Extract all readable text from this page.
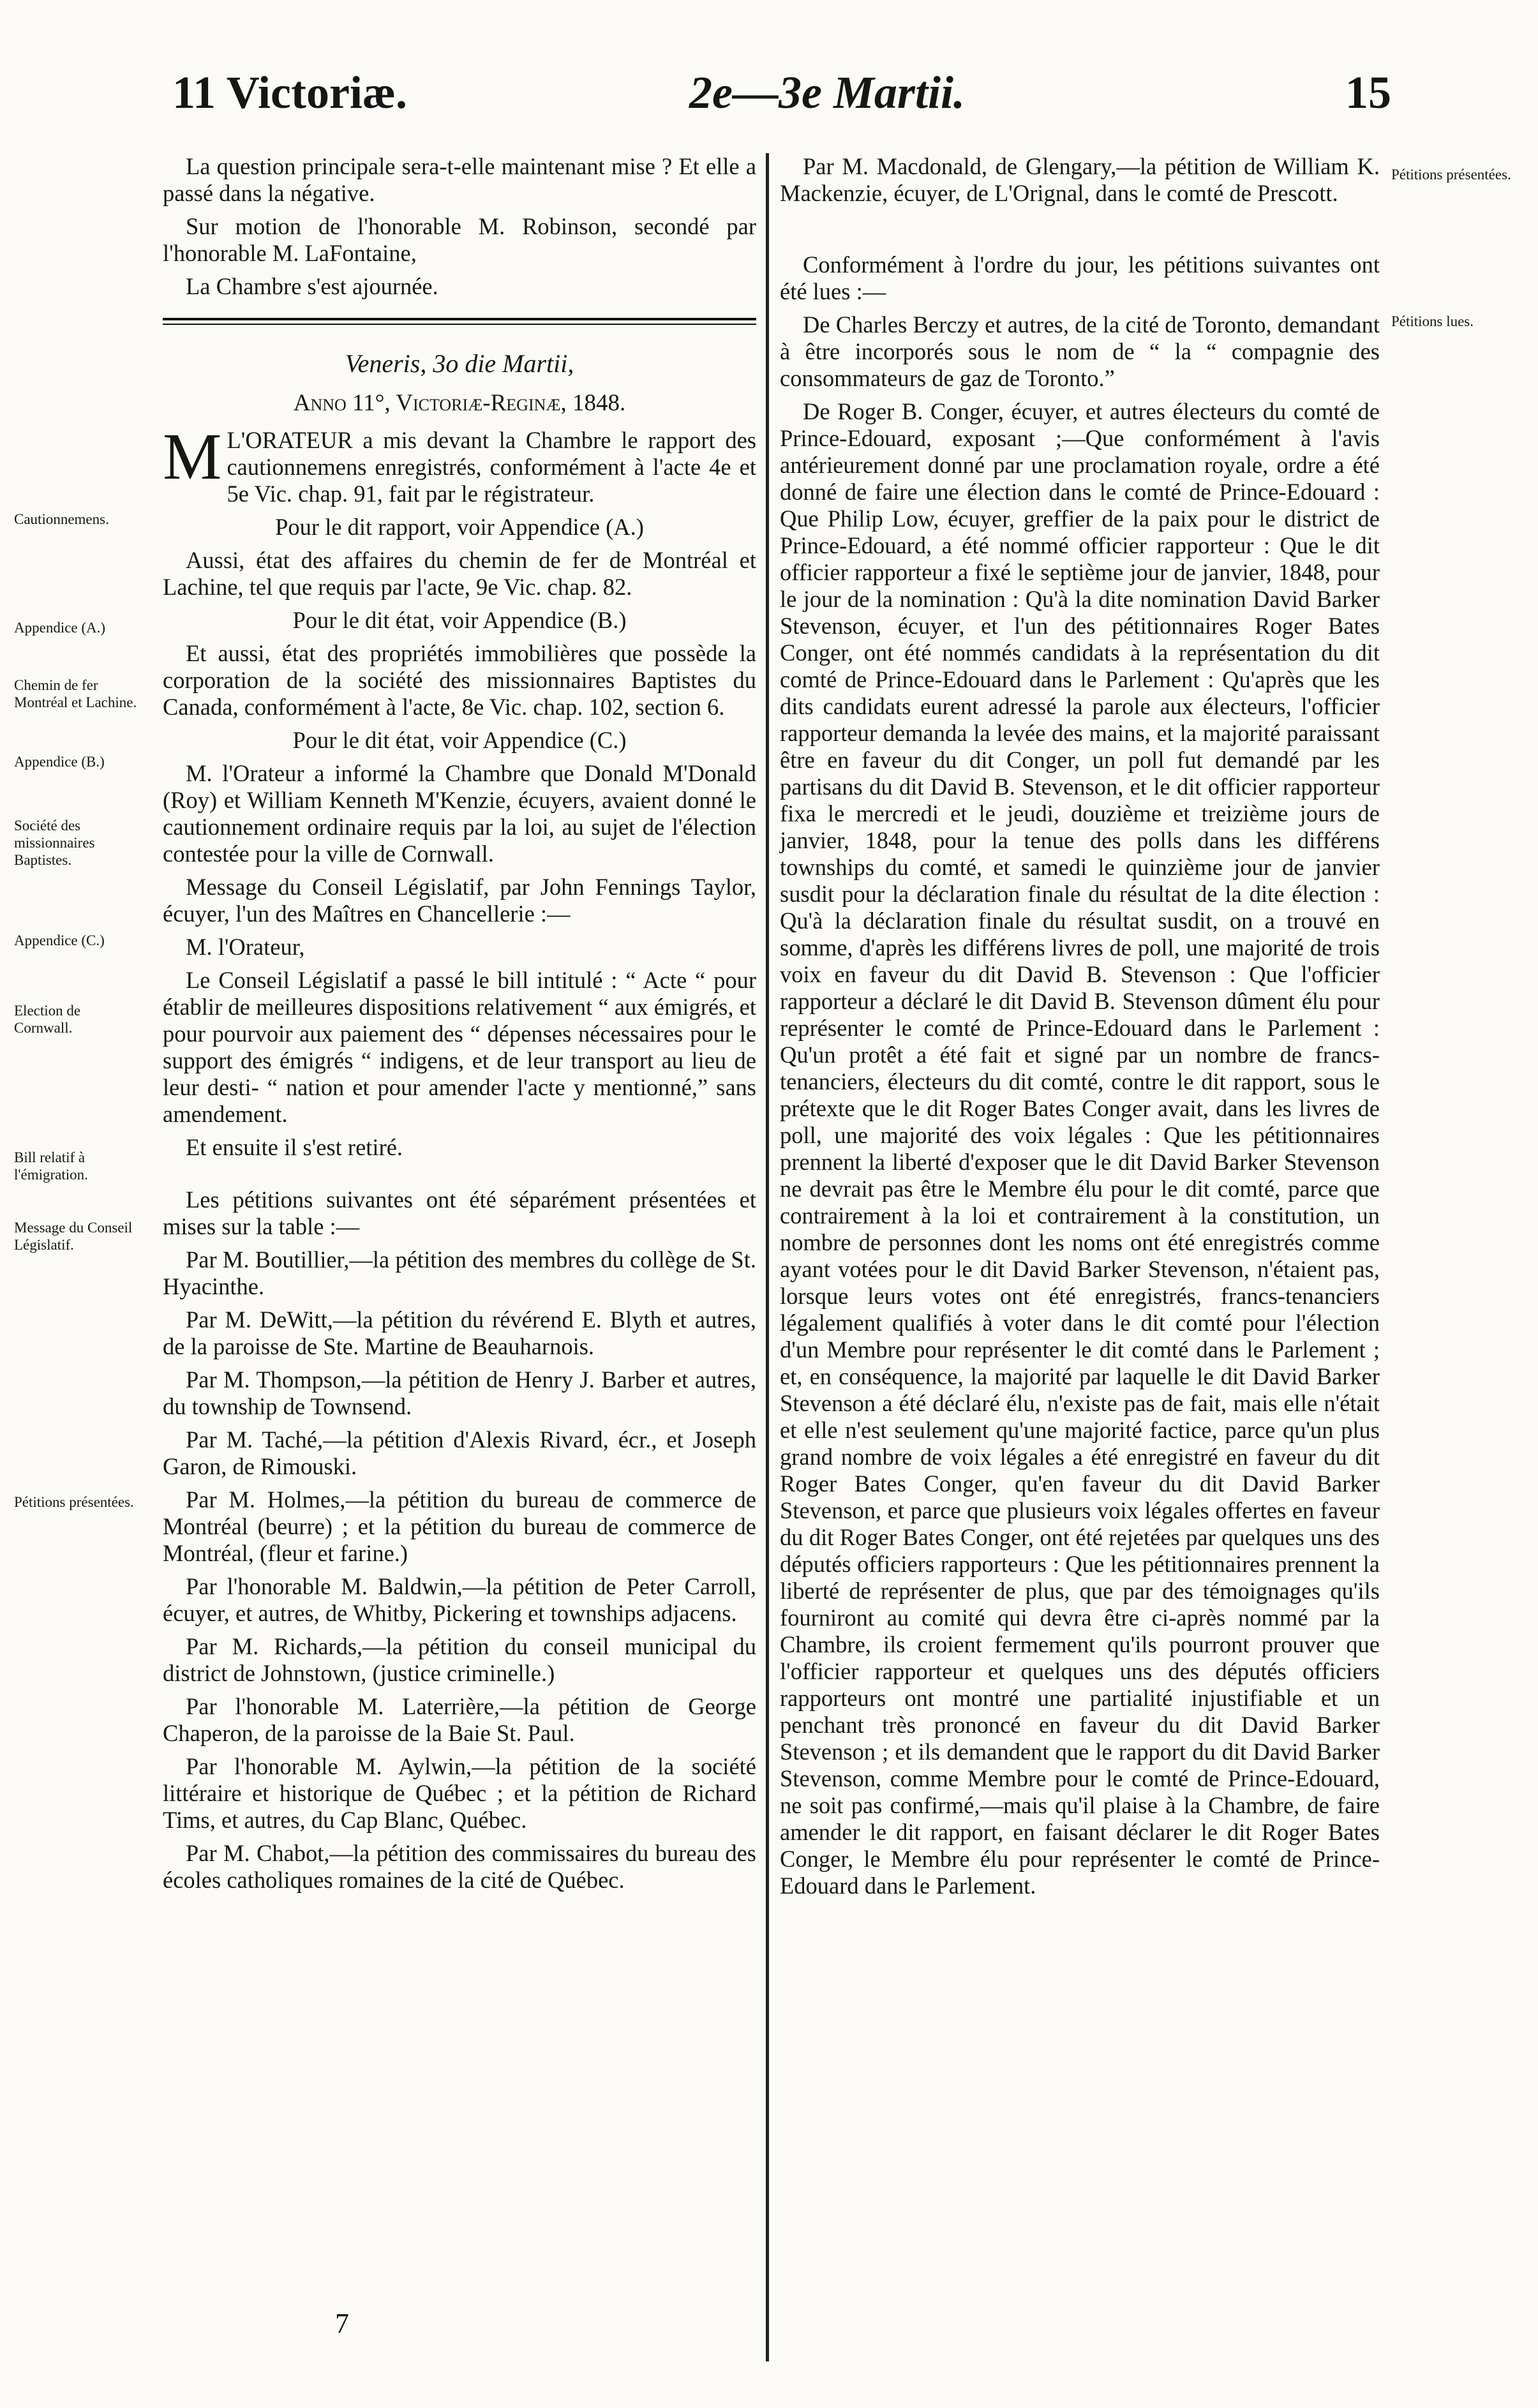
11 Victoriæ.	2e—3e Martii.	15

La question principale sera-t-elle maintenant mise ? Et elle a passé dans la négative.

Sur motion de l'honorable M. Robinson, secondé par l'honorable M. LaFontaine,

La Chambre s'est ajournée.

Veneris, 3o die Martii,
Anno 11°, Victoriæ-Reginæ, 1848.

M L'ORATEUR a mis devant la Chambre le rapport des cautionnemens enregistrés, conformément à l'acte 4e et 5e Vic. chap. 91, fait par le régistrateur.

Pour le dit rapport, voir Appendice (A.)

Aussi, état des affaires du chemin de fer de Montréal et Lachine, tel que requis par l'acte, 9e Vic. chap. 82.

Pour le dit état, voir Appendice (B.)

Et aussi, état des propriétés immobilières que possède la corporation de la société des missionnaires Baptistes du Canada, conformément à l'acte, 8e Vic. chap. 102, section 6.

Pour le dit état, voir Appendice (C.)

M. l'Orateur a informé la Chambre que Donald M'Donald (Roy) et William Kenneth M'Kenzie, écuyers, avaient donné le cautionnement ordinaire requis par la loi, au sujet de l'élection contestée pour la ville de Cornwall.

Message du Conseil Législatif, par John Fennings Taylor, écuyer, l'un des Maîtres en Chancellerie :—

M. l'Orateur,

Le Conseil Législatif a passé le bill intitulé : “ Acte “ pour établir de meilleures dispositions relativement “ aux émigrés, et pour pourvoir aux paiement des “ dépenses nécessaires pour le support des émigrés “ indigens, et de leur transport au lieu de leur desti- “ nation et pour amender l'acte y mentionné,” sans amendement.

Et ensuite il s'est retiré.

Les pétitions suivantes ont été séparément présentées et mises sur la table :—

Par M. Boutillier,—la pétition des membres du collège de St. Hyacinthe.

Par M. DeWitt,—la pétition du révérend E. Blyth et autres, de la paroisse de Ste. Martine de Beauharnois.

Par M. Thompson,—la pétition de Henry J. Barber et autres, du township de Townsend.

Par M. Taché,—la pétition d'Alexis Rivard, écr., et Joseph Garon, de Rimouski.

Par M. Holmes,—la pétition du bureau de commerce de Montréal (beurre) ; et la pétition du bureau de commerce de Montréal, (fleur et farine.)

Par l'honorable M. Baldwin,—la pétition de Peter Carroll, écuyer, et autres, de Whitby, Pickering et townships adjacens.

Par M. Richards,—la pétition du conseil municipal du district de Johnstown, (justice criminelle.)

Par l'honorable M. Laterrière,—la pétition de George Chaperon, de la paroisse de la Baie St. Paul.

Par l'honorable M. Aylwin,—la pétition de la société littéraire et historique de Québec ; et la pétition de Richard Tims, et autres, du Cap Blanc, Québec.

Par M. Chabot,—la pétition des commissaires du bureau des écoles catholiques romaines de la cité de Québec.

Par M. Macdonald, de Glengary,—la pétition de William K. Mackenzie, écuyer, de L'Orignal, dans le comté de Prescott.

Conformément à l'ordre du jour, les pétitions suivantes ont été lues :—

De Charles Berczy et autres, de la cité de Toronto, demandant à être incorporés sous le nom de “ la “ compagnie des consommateurs de gaz de Toronto.”

De Roger B. Conger, écuyer, et autres électeurs du comté de Prince-Edouard, exposant ;—Que conformément à l'avis antérieurement donné par une proclamation royale, ordre a été donné de faire une élection dans le comté de Prince-Edouard : Que Philip Low, écuyer, greffier de la paix pour le district de Prince-Edouard, a été nommé officier rapporteur : Que le dit officier rapporteur a fixé le septième jour de janvier, 1848, pour le jour de la nomination : Qu'à la dite nomination David Barker Stevenson, écuyer, et l'un des pétitionnaires Roger Bates Conger, ont été nommés candidats à la représentation du dit comté de Prince-Edouard dans le Parlement : Qu'après que les dits candidats eurent adressé la parole aux électeurs, l'officier rapporteur demanda la levée des mains, et la majorité paraissant être en faveur du dit Conger, un poll fut demandé par les partisans du dit David B. Stevenson, et le dit officier rapporteur fixa le mercredi et le jeudi, douzième et treizième jours de janvier, 1848, pour la tenue des polls dans les différens townships du comté, et samedi le quinzième jour de janvier susdit pour la déclaration finale du résultat de la dite élection : Qu'à la déclaration finale du résultat susdit, on a trouvé en somme, d'après les différens livres de poll, une majorité de trois voix en faveur du dit David B. Stevenson : Que l'officier rapporteur a déclaré le dit David B. Stevenson dûment élu pour représenter le comté de Prince-Edouard dans le Parlement : Qu'un protêt a été fait et signé par un nombre de francs-tenanciers, électeurs du dit comté, contre le dit rapport, sous le prétexte que le dit Roger Bates Conger avait, dans les livres de poll, une majorité des voix légales : Que les pétitionnaires prennent la liberté d'exposer que le dit David Barker Stevenson ne devrait pas être le Membre élu pour le dit comté, parce que contrairement à la loi et contrairement à la constitution, un nombre de personnes dont les noms ont été enregistrés comme ayant votées pour le dit David Barker Stevenson, n'étaient pas, lorsque leurs votes ont été enregistrés, francs-tenanciers légalement qualifiés à voter dans le dit comté pour l'élection d'un Membre pour représenter le dit comté dans le Parlement ; et, en conséquence, la majorité par laquelle le dit David Barker Stevenson a été déclaré élu, n'existe pas de fait, mais elle n'était et elle n'est seulement qu'une majorité factice, parce qu'un plus grand nombre de voix légales a été enregistré en faveur du dit Roger Bates Conger, qu'en faveur du dit David Barker Stevenson, et parce que plusieurs voix légales offertes en faveur du dit Roger Bates Conger, ont été rejetées par quelques uns des députés officiers rapporteurs : Que les pétitionnaires prennent la liberté de représenter de plus, que par des témoignages qu'ils fourniront au comité qui devra être ci-après nommé par la Chambre, ils croient fermement qu'ils pourront prouver que l'officier rapporteur et quelques uns des députés officiers rapporteurs ont montré une partialité injustifiable et un penchant très prononcé en faveur du dit David Barker Stevenson ; et ils demandent que le rapport du dit David Barker Stevenson, comme Membre pour le comté de Prince-Edouard, ne soit pas confirmé,—mais qu'il plaise à la Chambre, de faire amender le dit rapport, en faisant déclarer le dit Roger Bates Conger, le Membre élu pour représenter le comté de Prince-Edouard dans le Parlement.

Cautionnemens.
Appendice (A.)
Chemin de fer Montréal et Lachine.
Appendice (B.)
Société des missionnaires Baptistes.
Appendice (C.)
Election de Cornwall.
Bill relatif à l'émigration.
Message du Conseil Législatif.
Pétitions présentées.
Pétitions présentées.
Pétitions lues.
7
